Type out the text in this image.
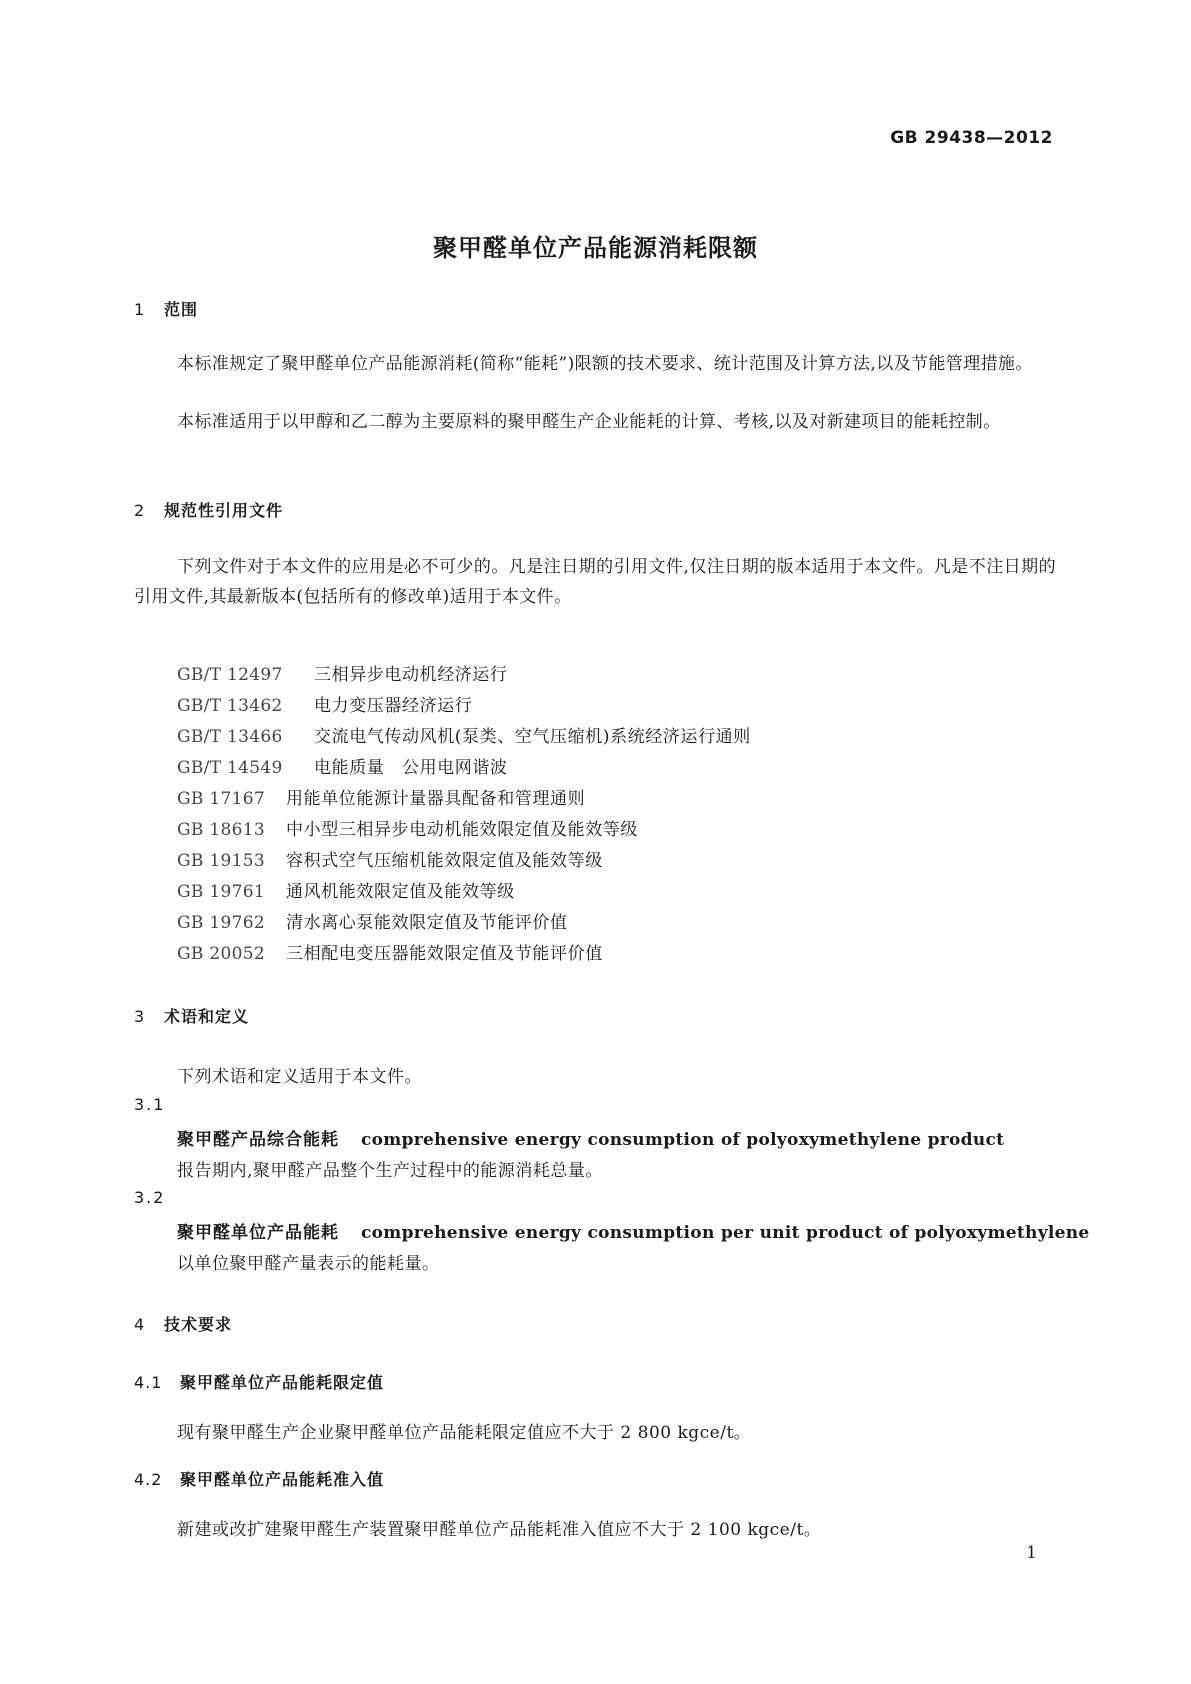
GB 29438—2012
聚甲醛单位产品能源消耗限额
1 范围
本标准规定了聚甲醛单位产品能源消耗(简称“能耗”)限额的技术要求、统计范围及计算方法,以及节能管理措施。
本标准适用于以甲醇和乙二醇为主要原料的聚甲醛生产企业能耗的计算、考核,以及对新建项目的能耗控制。
2 规范性引用文件
下列文件对于本文件的应用是必不可少的。凡是注日期的引用文件,仅注日期的版本适用于本文件。凡是不注日期的引用文件,其最新版本(包括所有的修改单)适用于本文件。
GB/T 12497 三相异步电动机经济运行
GB/T 13462 电力变压器经济运行
GB/T 13466 交流电气传动风机(泵类、空气压缩机)系统经济运行通则
GB/T 14549 电能质量　公用电网谐波
GB 17167 用能单位能源计量器具配备和管理通则
GB 18613 中小型三相异步电动机能效限定值及能效等级
GB 19153 容积式空气压缩机能效限定值及能效等级
GB 19761 通风机能效限定值及能效等级
GB 19762 清水离心泵能效限定值及节能评价值
GB 20052 三相配电变压器能效限定值及节能评价值
3 术语和定义
下列术语和定义适用于本文件。
3.1
聚甲醛产品综合能耗 comprehensive energy consumption of polyoxymethylene product
报告期内,聚甲醛产品整个生产过程中的能源消耗总量。
3.2
聚甲醛单位产品能耗 comprehensive energy consumption per unit product of polyoxymethylene
以单位聚甲醛产量表示的能耗量。
4 技术要求
4.1 聚甲醛单位产品能耗限定值
现有聚甲醛生产企业聚甲醛单位产品能耗限定值应不大于 2 800 kgce/t。
4.2 聚甲醛单位产品能耗准入值
新建或改扩建聚甲醛生产装置聚甲醛单位产品能耗准入值应不大于 2 100 kgce/t。
1
